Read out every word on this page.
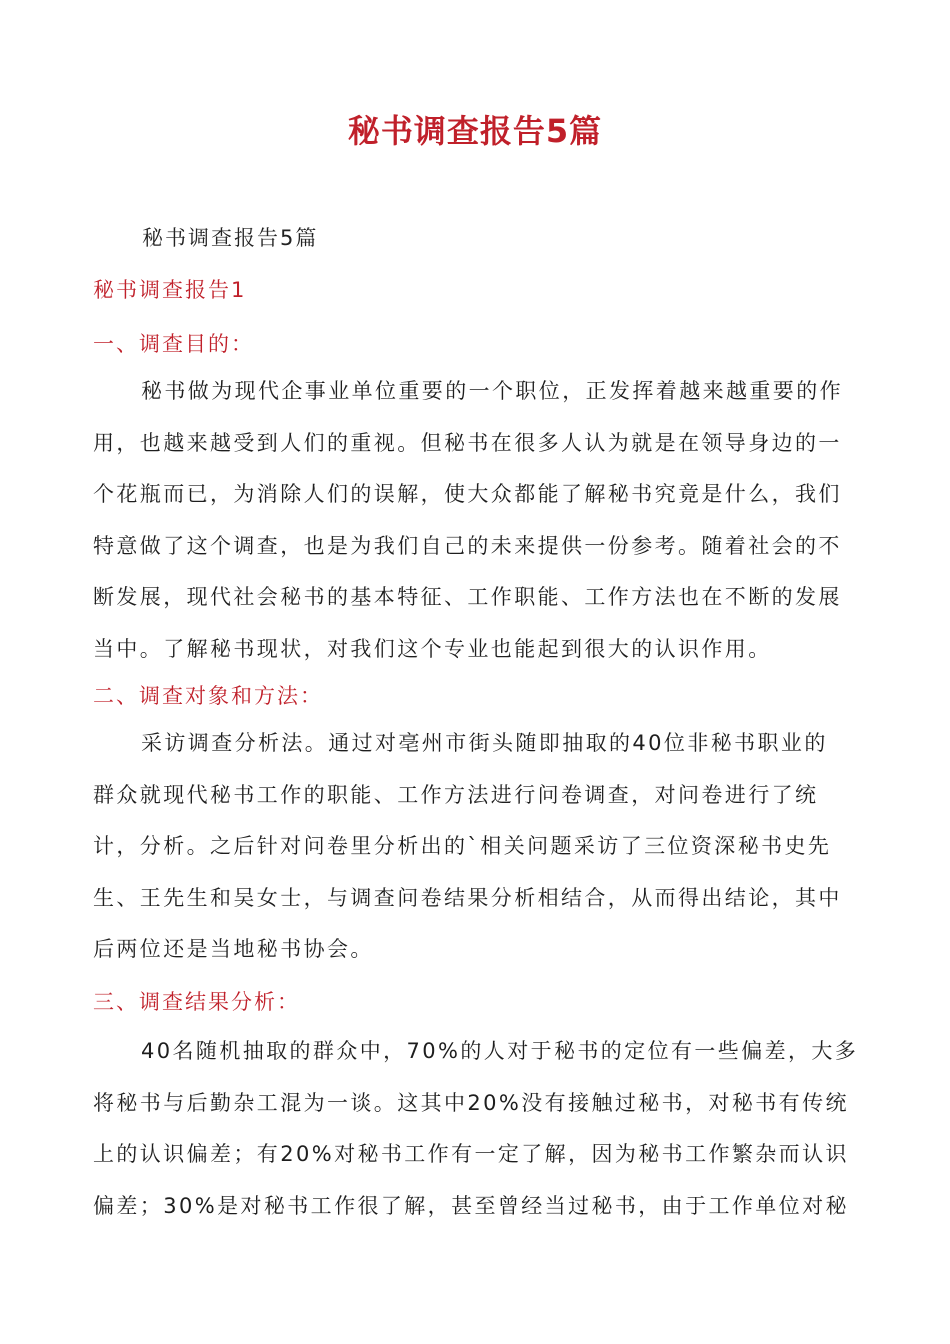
秘书调查报告5篇

秘书调查报告5篇

秘书调查报告1

一、调查目的：

秘书做为现代企事业单位重要的一个职位，正发挥着越来越重要的作
用，也越来越受到人们的重视。但秘书在很多人认为就是在领导身边的一
个花瓶而已，为消除人们的误解，使大众都能了解秘书究竟是什么，我们
特意做了这个调查，也是为我们自己的未来提供一份参考。随着社会的不
断发展，现代社会秘书的基本特征、工作职能、工作方法也在不断的发展
当中。了解秘书现状，对我们这个专业也能起到很大的认识作用。

二、调查对象和方法：

采访调查分析法。通过对亳州市街头随即抽取的40位非秘书职业的
群众就现代秘书工作的职能、工作方法进行问卷调查，对问卷进行了统
计，分析。之后针对问卷里分析出的`相关问题采访了三位资深秘书史先
生、王先生和吴女士，与调查问卷结果分析相结合，从而得出结论，其中
后两位还是当地秘书协会。

三、调查结果分析：

40名随机抽取的群众中，70%的人对于秘书的定位有一些偏差，大多
将秘书与后勤杂工混为一谈。这其中20%没有接触过秘书，对秘书有传统
上的认识偏差；有20%对秘书工作有一定了解，因为秘书工作繁杂而认识
偏差；30%是对秘书工作很了解，甚至曾经当过秘书，由于工作单位对秘
